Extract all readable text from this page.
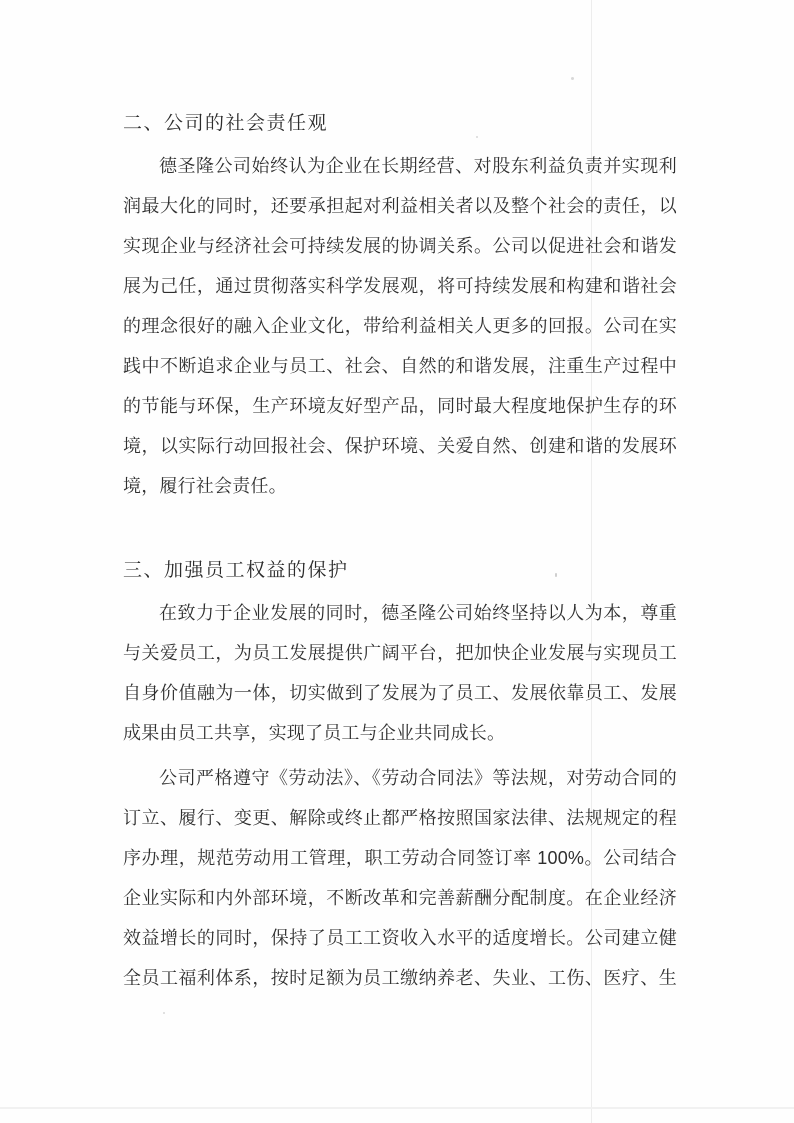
二、公司的社会责任观
德圣隆公司始终认为企业在长期经营、对股东利益负责并实现利
润最大化的同时，还要承担起对利益相关者以及整个社会的责任，以
实现企业与经济社会可持续发展的协调关系。公司以促进社会和谐发
展为己任，通过贯彻落实科学发展观，将可持续发展和构建和谐社会
的理念很好的融入企业文化，带给利益相关人更多的回报。公司在实
践中不断追求企业与员工、社会、自然的和谐发展，注重生产过程中
的节能与环保，生产环境友好型产品，同时最大程度地保护生存的环
境，以实际行动回报社会、保护环境、关爱自然、创建和谐的发展环
境，履行社会责任。
三、加强员工权益的保护
在致力于企业发展的同时，德圣隆公司始终坚持以人为本，尊重
与关爱员工，为员工发展提供广阔平台，把加快企业发展与实现员工
自身价值融为一体，切实做到了发展为了员工、发展依靠员工、发展
成果由员工共享，实现了员工与企业共同成长。
公司严格遵守《劳动法》、《劳动合同法》等法规，对劳动合同的
订立、履行、变更、解除或终止都严格按照国家法律、法规规定的程
序办理，规范劳动用工管理，职工劳动合同签订率 100%。公司结合
企业实际和内外部环境，不断改革和完善薪酬分配制度。在企业经济
效益增长的同时，保持了员工工资收入水平的适度增长。公司建立健
全员工福利体系，按时足额为员工缴纳养老、失业、工伤、医疗、生
